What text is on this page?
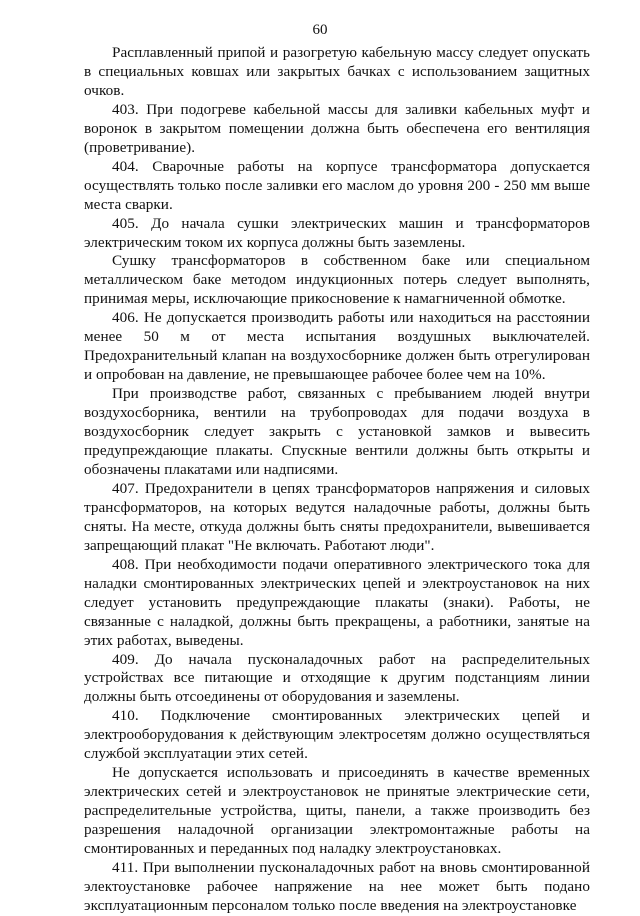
60

Расплавленный припой и разогретую кабельную массу следует опускать в специальных ковшах или закрытых бачках с использованием защитных очков.

403. При подогреве кабельной массы для заливки кабельных муфт и воронок в закрытом помещении должна быть обеспечена его вентиляция (проветривание).

404. Сварочные работы на корпусе трансформатора допускается осуществлять только после заливки его маслом до уровня 200 - 250 мм выше места сварки.

405. До начала сушки электрических машин и трансформаторов электрическим током их корпуса должны быть заземлены.

Сушку трансформаторов в собственном баке или специальном металлическом баке методом индукционных потерь следует выполнять, принимая меры, исключающие прикосновение к намагниченной обмотке.

406. Не допускается производить работы или находиться на расстоянии менее 50 м от места испытания воздушных выключателей. Предохранительный клапан на воздухосборнике должен быть отрегулирован и опробован на давление, не превышающее рабочее более чем на 10%.

При производстве работ, связанных с пребыванием людей внутри воздухосборника, вентили на трубопроводах для подачи воздуха в воздухосборник следует закрыть с установкой замков и вывесить предупреждающие плакаты. Спускные вентили должны быть открыты и обозначены плакатами или надписями.

407. Предохранители в цепях трансформаторов напряжения и силовых трансформаторов, на которых ведутся наладочные работы, должны быть сняты. На месте, откуда должны быть сняты предохранители, вывешивается запрещающий плакат "Не включать. Работают люди".

408. При необходимости подачи оперативного электрического тока для наладки смонтированных электрических цепей и электроустановок на них следует установить предупреждающие плакаты (знаки). Работы, не связанные с наладкой, должны быть прекращены, а работники, занятые на этих работах, выведены.

409. До начала пусконаладочных работ на распределительных устройствах все питающие и отходящие к другим подстанциям линии должны быть отсоединены от оборудования и заземлены.

410. Подключение смонтированных электрических цепей и электрооборудования к действующим электросетям должно осуществляться службой эксплуатации этих сетей.

Не допускается использовать и присоединять в качестве временных электрических сетей и электроустановок не принятые электрические сети, распределительные устройства, щиты, панели, а также производить без разрешения наладочной организации электромонтажные работы на смонтированных и переданных под наладку электроустановках.

411. При выполнении пусконаладочных работ на вновь смонтированной электоустановке рабочее напряжение на нее может быть подано эксплуатационным персоналом только после введения на электроустановке
